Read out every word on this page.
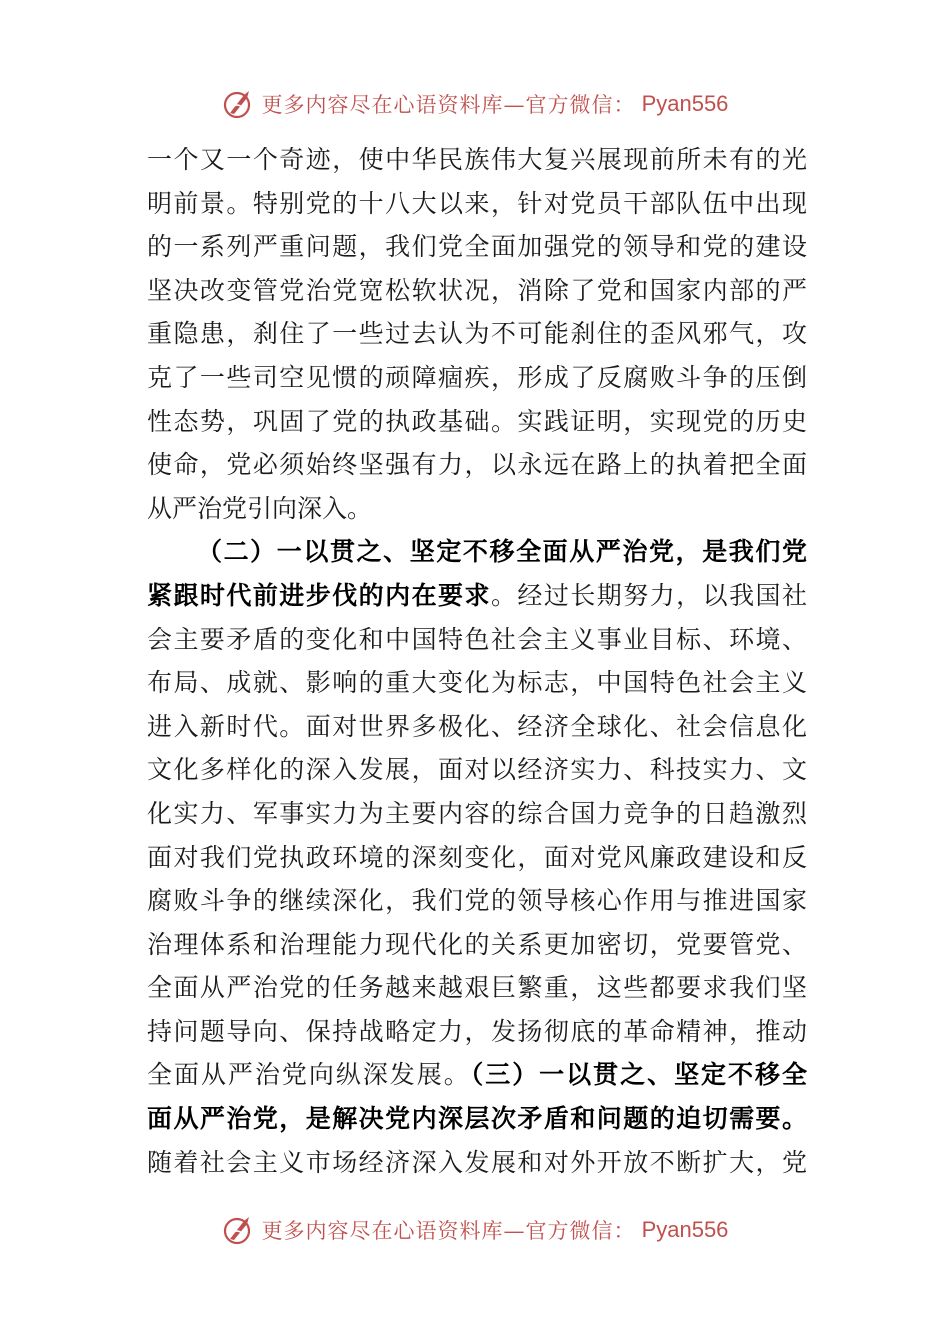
更多内容尽在心语资料库—官方微信： Pyan556
一个又一个奇迹，使中华民族伟大复兴展现前所未有的光
明前景。特别党的十八大以来，针对党员干部队伍中出现
的一系列严重问题，我们党全面加强党的领导和党的建设
坚决改变管党治党宽松软状况，消除了党和国家内部的严
重隐患，刹住了一些过去认为不可能刹住的歪风邪气，攻
克了一些司空见惯的顽障痼疾，形成了反腐败斗争的压倒
性态势，巩固了党的执政基础。实践证明，实现党的历史
使命，党必须始终坚强有力，以永远在路上的执着把全面
从严治党引向深入。
（二）一以贯之、坚定不移全面从严治党，是我们党
紧跟时代前进步伐的内在要求。经过长期努力，以我国社
会主要矛盾的变化和中国特色社会主义事业目标、环境、
布局、成就、影响的重大变化为标志，中国特色社会主义
进入新时代。面对世界多极化、经济全球化、社会信息化
文化多样化的深入发展，面对以经济实力、科技实力、文
化实力、军事实力为主要内容的综合国力竞争的日趋激烈
面对我们党执政环境的深刻变化，面对党风廉政建设和反
腐败斗争的继续深化，我们党的领导核心作用与推进国家
治理体系和治理能力现代化的关系更加密切，党要管党、
全面从严治党的任务越来越艰巨繁重，这些都要求我们坚
持问题导向、保持战略定力，发扬彻底的革命精神，推动
全面从严治党向纵深发展。（三）一以贯之、坚定不移全
面从严治党，是解决党内深层次矛盾和问题的迫切需要。
随着社会主义市场经济深入发展和对外开放不断扩大，党
更多内容尽在心语资料库—官方微信： Pyan556
